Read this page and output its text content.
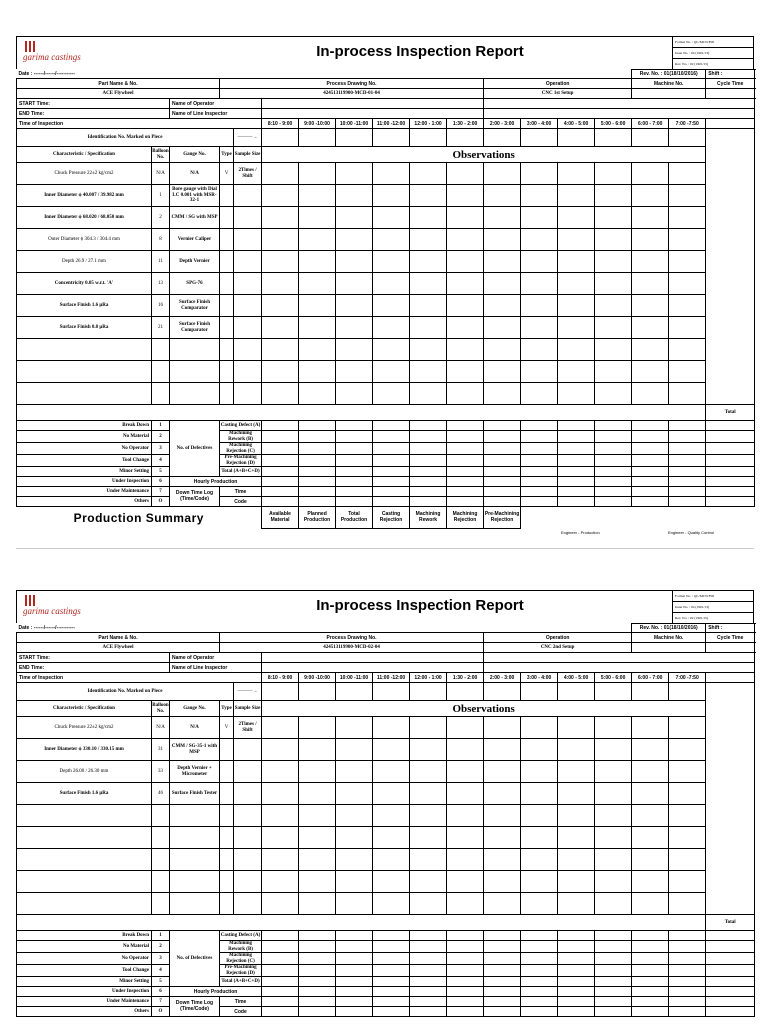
garima castings	In-process Inspection Report
Format No. : QC/MCN/F00
Issue No. : 04 (1901/13)
Rev. No. : 02 (1901/15)
Date : ------/------/-----------															Rev. No. : 01(18/10/2016)		Shift :	
Part Name & No.			Process Drawing No.								Operation				Machine No.		Cycle Time	
ACE Flywheel			424513119900-MCD-01-04								CNC 1st Setup							
START Time:		Name of Operator																
END Time:		Name of Line Inspector			
Time of Inspection					8:10 - 9:00	9:00 -10:00	10:00 -11:00	11:00 -12:00	12:00 - 1:00	1:30 - 2:00	2:00 - 3:00	3:00 - 4:00	4:00 - 5:00	5:00 - 6:00	6:00 - 7:00	7:00 -7:50		
Identification No. Marked on Piece				———→														
Characteristic / Specification	Balloon No.	Gauge No.	Type	Sample Size	Observations													
Chuck Pressure 22±2 kg/cm2	N/A	N/A	V	2Times / Shift														
Inner Diameter ϕ 40.007 / 39.982 mm	1	Bore gauge with Dial LC 0.001 with MSR-32-1																
Inner Diameter ϕ 68.020 / 68.050 mm	2	CMM / SG with MSP																
Outer Diameter ϕ 304.3 / 304.4 mm	8	Vernier Caliper																
Depth 26.9 / 27.1 mm	11	Depth Vernier																
Concentricity 0.05 w.r.t. 'A'	13	SPG-76																
Surface Finish 1.6 μRa	16	Surface Finish Comparator																
Surface Finish 0.8 μRa	21	Surface Finish Comparator																

																	Total	
Break Down	1	No. of Defectives	Casting Defect (A)															
No Material	2		Machining Rework (B)															
No Operator	3		Machining Rejection (C)															
Tool Change	4		Pre-Machining Rejection (D)															
Minor Setting	5		Total (A+B+C+D)															
Under Inspection	6	Hourly Production																
Under Maintenance	7	Down Time Log (Time/Code)	Time															
Others	O		Code															
Production Summary					Available Material	Planned Production	Total Production	Casting Rejection	Machining Rework	Machining Rejection	Pre-Machining Rejection							
Engineer - Production	Engineer - Quality Control
garima castings	In-process Inspection Report
Format No. : QC/MCN/F00
Issue No. : 04 (1901/13)
Rev. No. : 02 (1901/15)
Date : ------/------/-----------															Rev. No. : 01(18/10/2016)		Shift :	
Part Name & No.			Process Drawing No.								Operation				Machine No.		Cycle Time	
ACE Flywheel			424513119900-MCD-02-04								CNC 2nd Setup							
START Time:		Name of Operator																
END Time:		Name of Line Inspector			
Time of Inspection					8:10 - 9:00	9:00 -10:00	10:00 -11:00	11:00 -12:00	12:00 - 1:00	1:30 - 2:00	2:00 - 3:00	3:00 - 4:00	4:00 - 5:00	5:00 - 6:00	6:00 - 7:00	7:00 -7:50		
Identification No. Marked on Piece				———→														
Characteristic / Specification	Balloon No.	Gauge No.	Type	Sample Size	Observations													
Chuck Pressure 22±2 kg/cm2	N/A	N/A	V	2Times / Shift														
Inner Diameter ϕ 330.10 / 330.15 mm	31	CMM / SG-35-1 with MSP																
Depth 26.00 / 26.30 mm	33	Depth Vernier + Micrometer																
Surface Finish 1.6 μRa	46	Surface Finish Tester																

																	Total	
Break Down	1	No. of Defectives	Casting Defect (A)															
No Material	2		Machining Rework (B)															
No Operator	3		Machining Rejection (C)															
Tool Change	4		Pre-Machining Rejection (D)															
Minor Setting	5		Total (A+B+C+D)															
Under Inspection	6	Hourly Production																
Under Maintenance	7	Down Time Log (Time/Code)	Time															
Others	O		Code															
